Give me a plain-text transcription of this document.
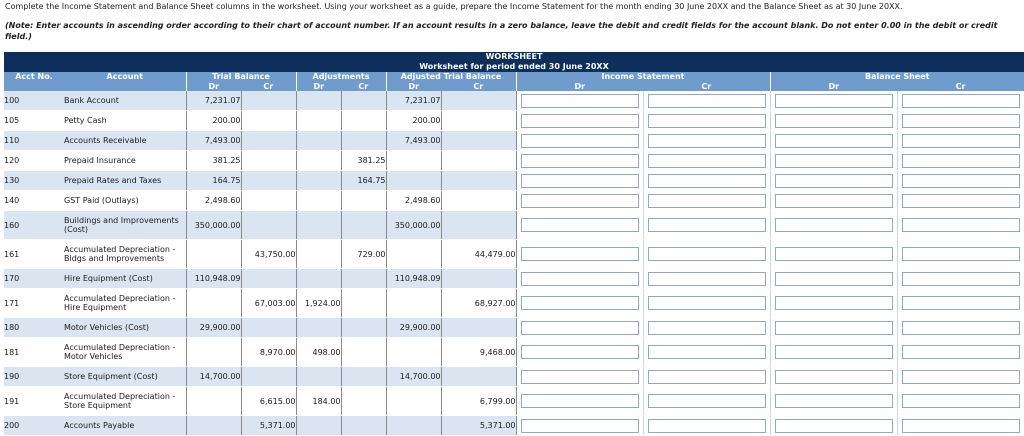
Complete the Income Statement and Balance Sheet columns in the worksheet. Using your worksheet as a guide, prepare the Income Statement for the month ending 30 June 20XX and the Balance Sheet as at 30 June 20XX.
(Note: Enter accounts in ascending order according to their chart of account number. If an account results in a zero balance, leave the debit and credit fields for the account blank. Do not enter 0.00 in the debit or credit field.)
WORKSHEET											
Worksheet for period ended 30 June 20XX											
Acct No.	Account	Trial Balance		Adjustments		Adjusted Trial Balance		Income Statement		Balance Sheet	
		Dr	Cr	Dr	Cr	Dr	Cr	Dr	Cr	Dr	Cr
100	Bank Account	7,231.07				7,231.07					
105	Petty Cash	200.00				200.00					
110	Accounts Receivable	7,493.00				7,493.00					
120	Prepaid Insurance	381.25			381.25						
130	Prepaid Rates and Taxes	164.75			164.75						
140	GST Paid (Outlays)	2,498.60				2,498.60					
160	Buildings and Improvements (Cost)	350,000.00				350,000.00					
161	Accumulated Depreciation - Bldgs and Improvements		43,750.00		729.00		44,479.00				
170	Hire Equipment (Cost)	110,948.09				110,948.09					
171	Accumulated Depreciation - Hire Equipment		67,003.00	1,924.00			68,927.00				
180	Motor Vehicles (Cost)	29,900.00				29,900.00					
181	Accumulated Depreciation - Motor Vehicles		8,970.00	498.00			9,468.00				
190	Store Equipment (Cost)	14,700.00				14,700.00					
191	Accumulated Depreciation - Store Equipment		6,615.00	184.00			6,799.00				
200	Accounts Payable		5,371.00				5,371.00				
